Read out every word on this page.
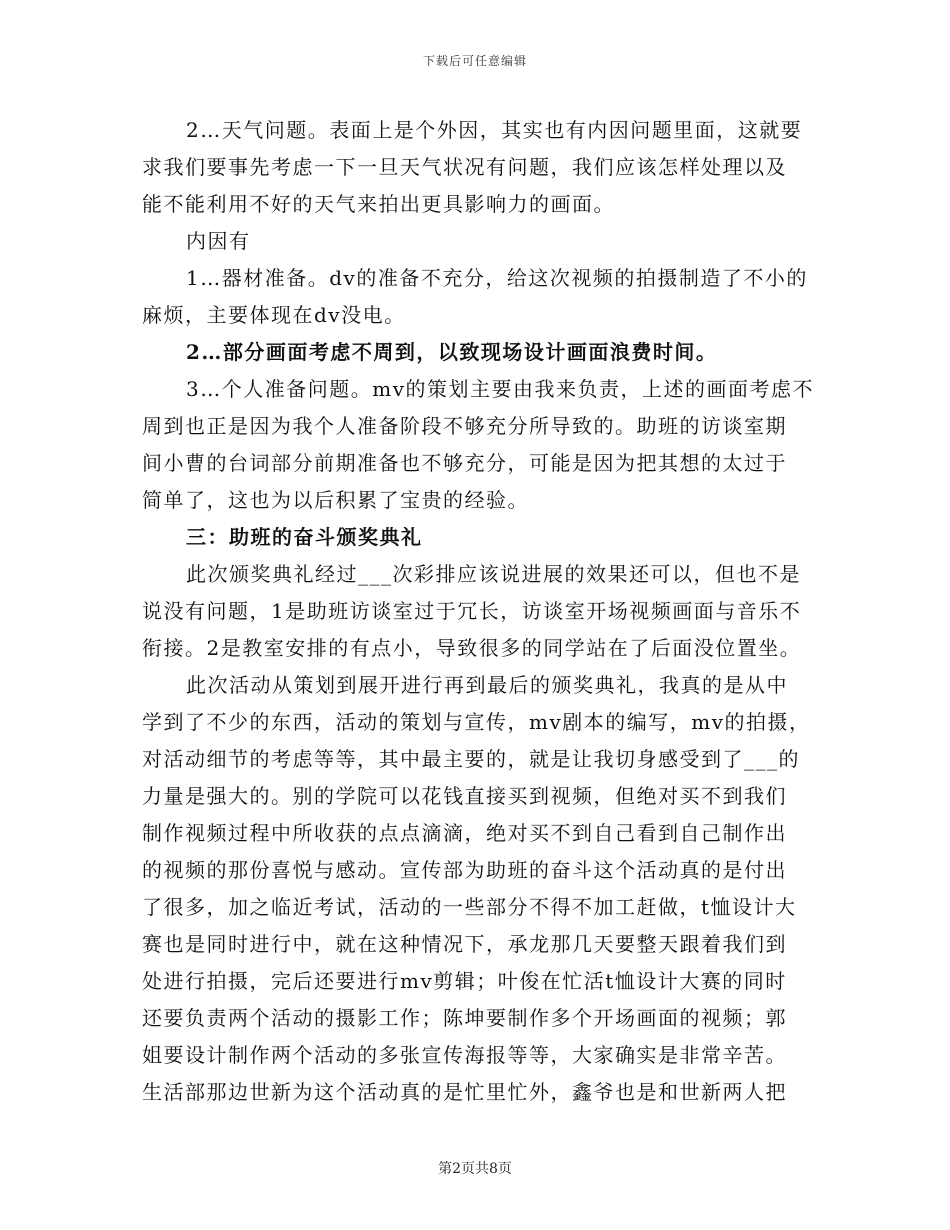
下载后可任意编辑
2…天气问题。表面上是个外因，其实也有内因问题里面，这就要
求我们要事先考虑一下一旦天气状况有问题，我们应该怎样处理以及
能不能利用不好的天气来拍出更具影响力的画面。
内因有
1…器材准备。dv的准备不充分，给这次视频的拍摄制造了不小的
麻烦，主要体现在dv没电。
2…部分画面考虑不周到，以致现场设计画面浪费时间。
3…个人准备问题。mv的策划主要由我来负责，上述的画面考虑不
周到也正是因为我个人准备阶段不够充分所导致的。助班的访谈室期
间小曹的台词部分前期准备也不够充分，可能是因为把其想的太过于
简单了，这也为以后积累了宝贵的经验。
三：助班的奋斗颁奖典礼
此次颁奖典礼经过___次彩排应该说进展的效果还可以，但也不是
说没有问题，1是助班访谈室过于冗长，访谈室开场视频画面与音乐不
衔接。2是教室安排的有点小，导致很多的同学站在了后面没位置坐。
此次活动从策划到展开进行再到最后的颁奖典礼，我真的是从中
学到了不少的东西，活动的策划与宣传，mv剧本的编写，mv的拍摄，
对活动细节的考虑等等，其中最主要的，就是让我切身感受到了___的
力量是强大的。别的学院可以花钱直接买到视频，但绝对买不到我们
制作视频过程中所收获的点点滴滴，绝对买不到自己看到自己制作出
的视频的那份喜悦与感动。宣传部为助班的奋斗这个活动真的是付出
了很多，加之临近考试，活动的一些部分不得不加工赶做，t恤设计大
赛也是同时进行中，就在这种情况下，承龙那几天要整天跟着我们到
处进行拍摄，完后还要进行mv剪辑；叶俊在忙活t恤设计大赛的同时
还要负责两个活动的摄影工作；陈坤要制作多个开场画面的视频；郭
姐要设计制作两个活动的多张宣传海报等等，大家确实是非常辛苦。
生活部那边世新为这个活动真的是忙里忙外，鑫爷也是和世新两人把
第2页共8页
